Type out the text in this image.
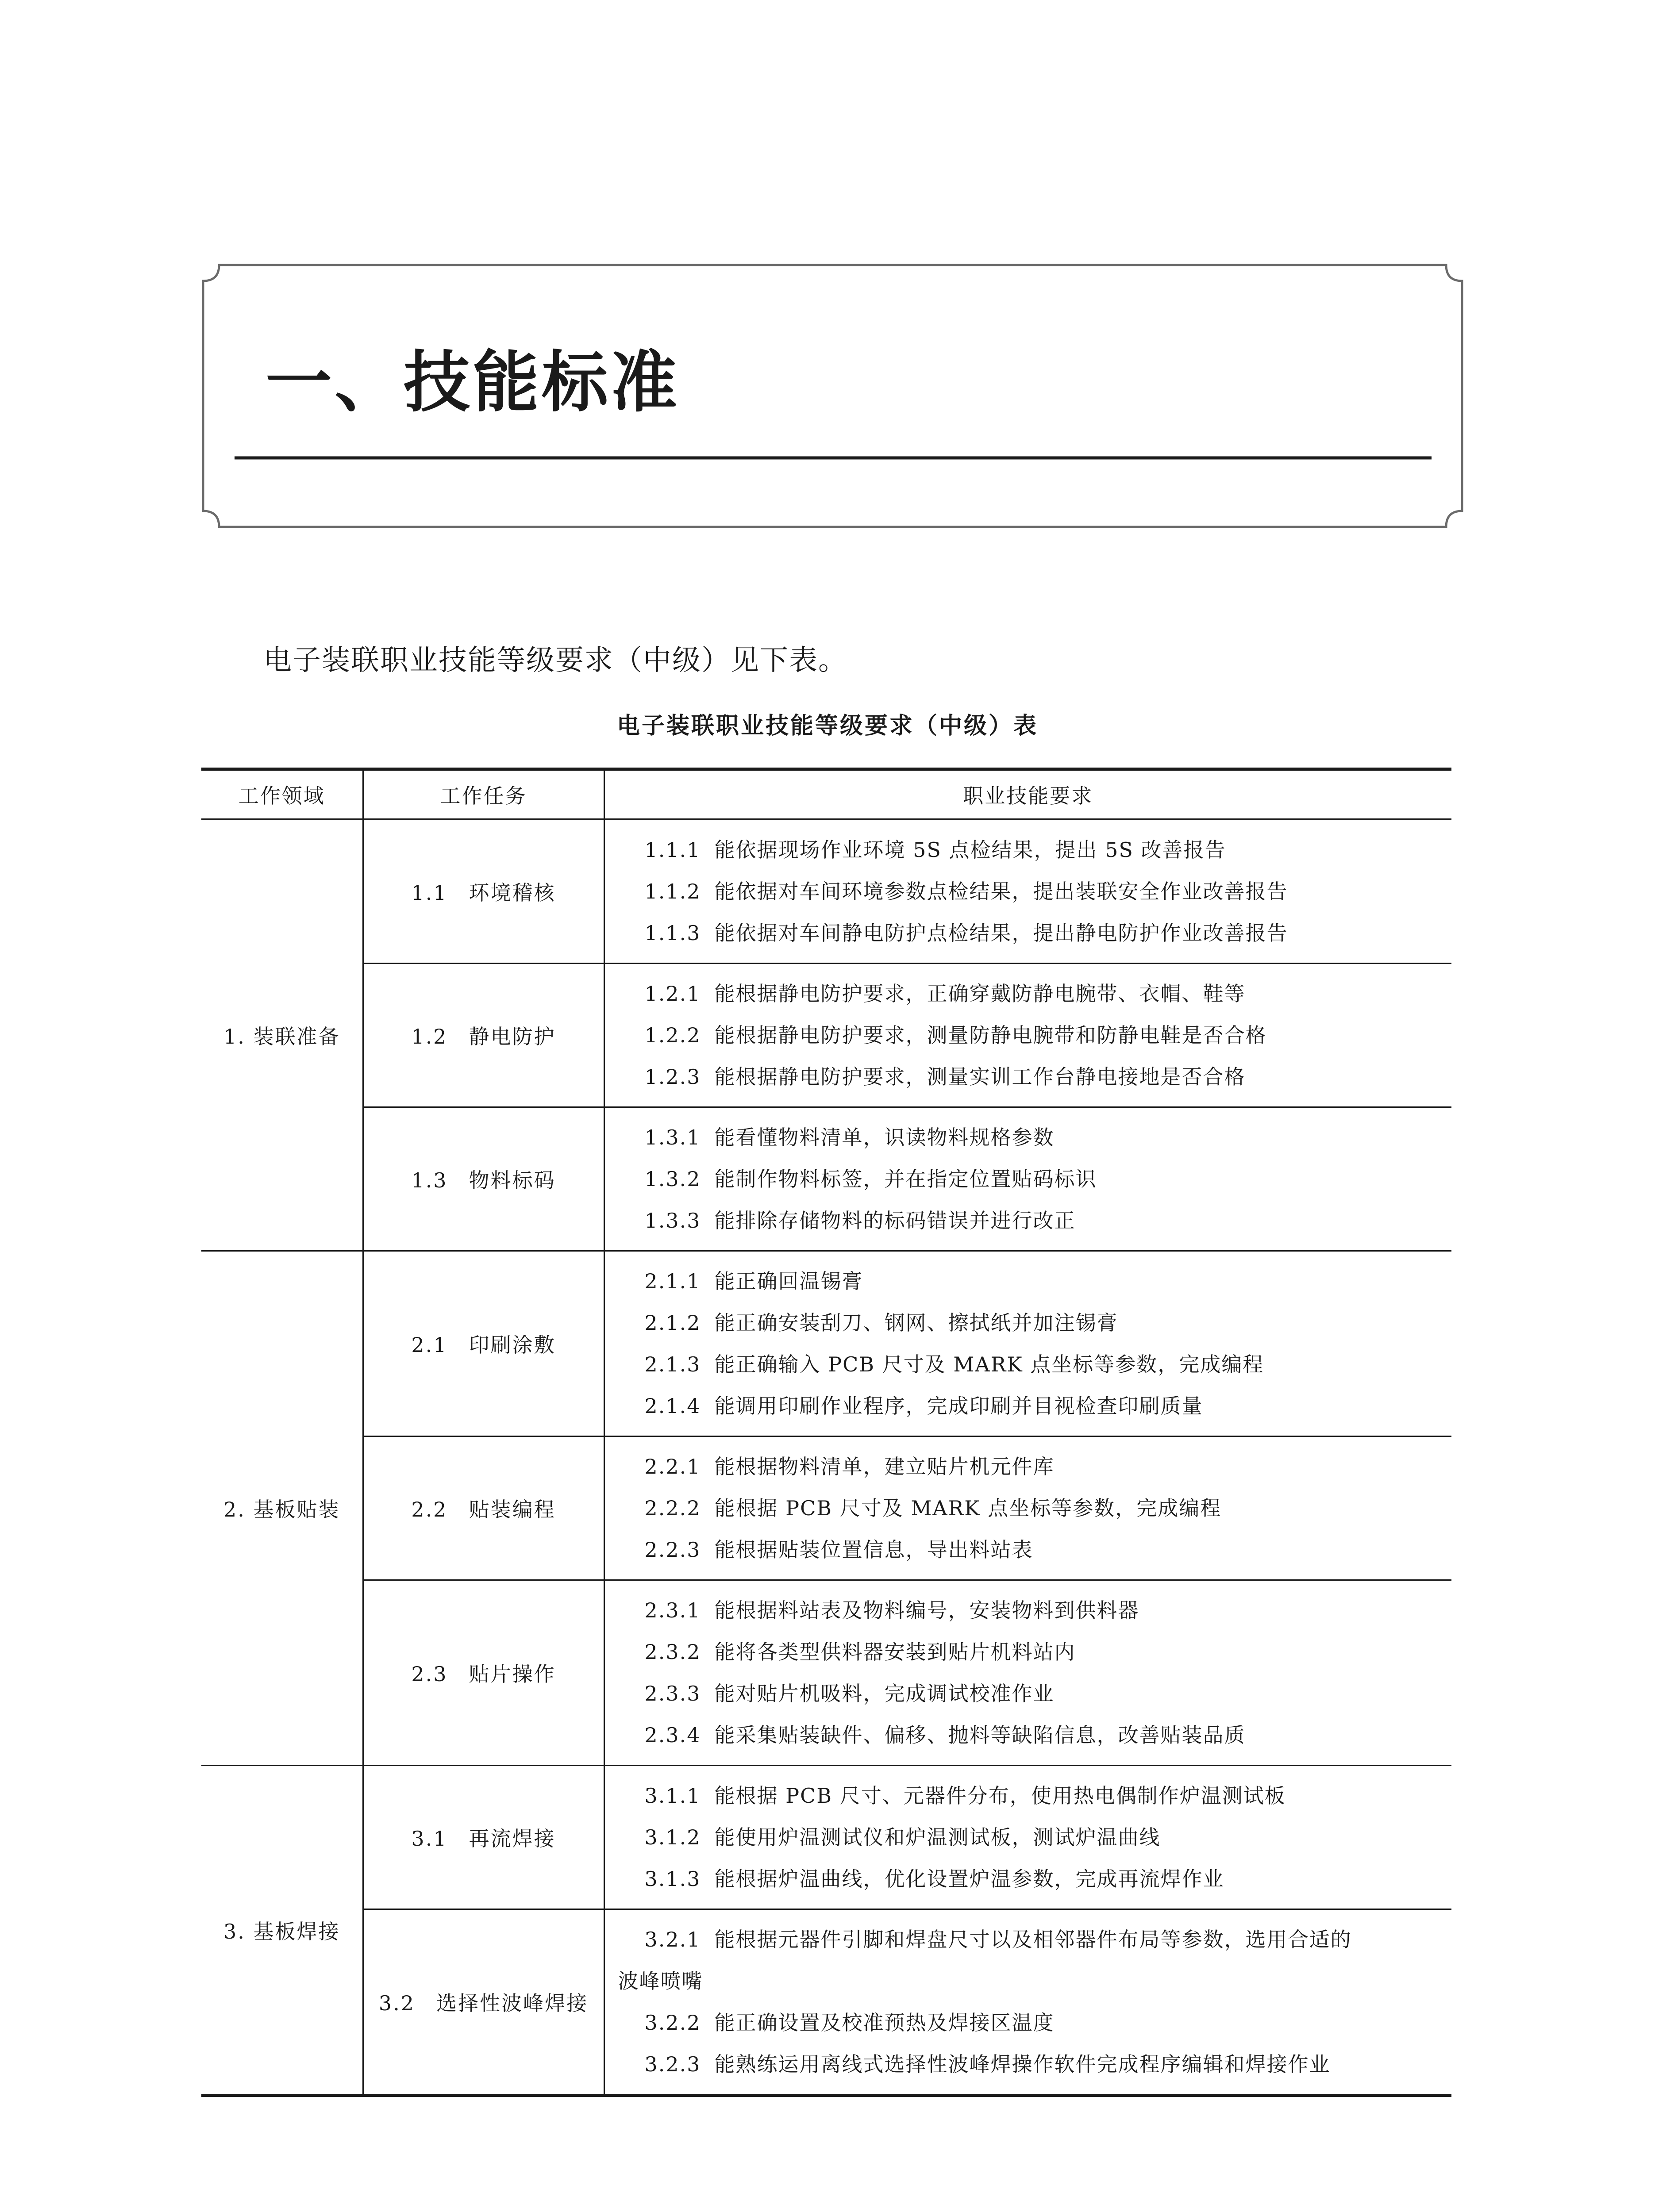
一、技能标准

电子装联职业技能等级要求（中级）见下表。

电子装联职业技能等级要求（中级）表

工作领域	工作任务	职业技能要求
1. 装联准备	1.1 环境稽核	1.1.1 能依据现场作业环境 5S 点检结果，提出 5S 改善报告
1.1.2 能依据对车间环境参数点检结果，提出装联安全作业改善报告
1.1.3 能依据对车间静电防护点检结果，提出静电防护作业改善报告

	1.2 静电防护	1.2.1 能根据静电防护要求，正确穿戴防静电腕带、衣帽、鞋等
1.2.2 能根据静电防护要求，测量防静电腕带和防静电鞋是否合格
1.2.3 能根据静电防护要求，测量实训工作台静电接地是否合格

	1.3 物料标码	1.3.1 能看懂物料清单，识读物料规格参数
1.3.2 能制作物料标签，并在指定位置贴码标识
1.3.3 能排除存储物料的标码错误并进行改正

2. 基板贴装	2.1 印刷涂敷	2.1.1 能正确回温锡膏
2.1.2 能正确安装刮刀、钢网、擦拭纸并加注锡膏
2.1.3 能正确输入 PCB 尺寸及 MARK 点坐标等参数，完成编程
2.1.4 能调用印刷作业程序，完成印刷并目视检查印刷质量

	2.2 贴装编程	2.2.1 能根据物料清单，建立贴片机元件库
2.2.2 能根据 PCB 尺寸及 MARK 点坐标等参数，完成编程
2.2.3 能根据贴装位置信息，导出料站表

	2.3 贴片操作	2.3.1 能根据料站表及物料编号，安装物料到供料器
2.3.2 能将各类型供料器安装到贴片机料站内
2.3.3 能对贴片机吸料，完成调试校准作业
2.3.4 能采集贴装缺件、偏移、抛料等缺陷信息，改善贴装品质

3. 基板焊接	3.1 再流焊接	3.1.1 能根据 PCB 尺寸、元器件分布，使用热电偶制作炉温测试板
3.1.2 能使用炉温测试仪和炉温测试板，测试炉温曲线
3.1.3 能根据炉温曲线，优化设置炉温参数，完成再流焊作业

	3.2 选择性波峰焊接	3.2.1 能根据元器件引脚和焊盘尺寸以及相邻器件布局等参数，选用合适的
波峰喷嘴
3.2.2 能正确设置及校准预热及焊接区温度
3.2.3 能熟练运用离线式选择性波峰焊操作软件完成程序编辑和焊接作业
